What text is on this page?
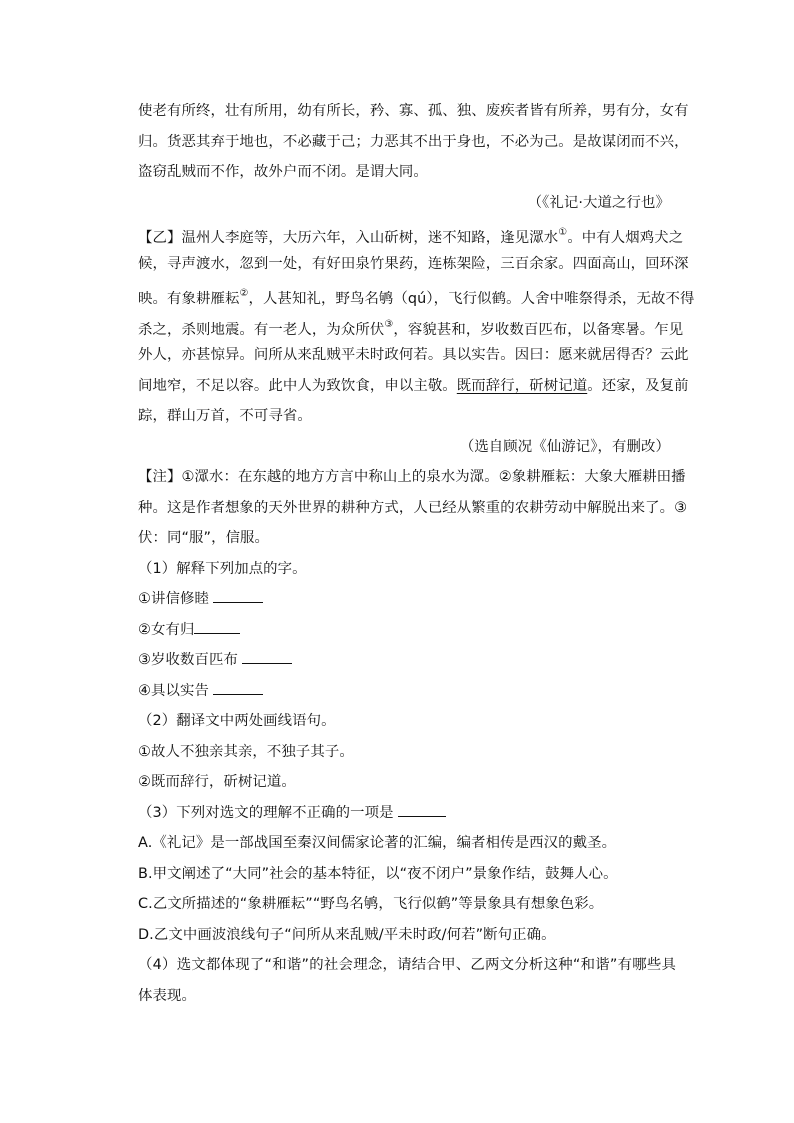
使老有所终，壮有所用，幼有所长，矜、寡、孤、独、废疾者皆有所养，男有分，女有
归。货恶其弃于地也，不必藏于己；力恶其不出于身也，不必为己。是故谋闭而不兴，
盗窃乱贼而不作，故外户而不闭。是谓大同。
（《礼记·大道之行也》
【乙】温州人李庭等，大历六年，入山斫树，迷不知路，逢见潀水①。中有人烟鸡犬之
候，寻声渡水，忽到一处，有好田泉竹果药，连栋架险，三百余家。四面高山，回环深
映。有象耕雁耘②，人甚知礼，野鸟名鸲（qú），飞行似鹤。人舍中唯祭得杀，无故不得
杀之，杀则地震。有一老人，为众所伏③，容貌甚和，岁收数百匹布，以备寒暑。乍见
外人，亦甚惊异。问所从来乱贼平未时政何若。具以实告。因曰：愿来就居得否？云此
间地窄，不足以容。此中人为致饮食，申以主敬。既而辞行，斫树记道。还家，及复前
踪，群山万首，不可寻省。
（选自顾况《仙游记》，有删改）
【注】①潀水：在东越的地方方言中称山上的泉水为潀。②象耕雁耘：大象大雁耕田播
种。这是作者想象的天外世界的耕种方式，人已经从繁重的农耕劳动中解脱出来了。③
伏：同“服”，信服。
（1）解释下列加点的字。
①讲信修睦
②女有归
③岁收数百匹布
④具以实告
（2）翻译文中两处画线语句。
①故人不独亲其亲，不独子其子。
②既而辞行，斫树记道。
（3）下列对选文的理解不正确的一项是
A.《礼记》是一部战国至秦汉间儒家论著的汇编，编者相传是西汉的戴圣。
B.甲文阐述了“大同”社会的基本特征，以“夜不闭户”景象作结，鼓舞人心。
C.乙文所描述的“象耕雁耘”“野鸟名鸲，飞行似鹤”等景象具有想象色彩。
D.乙文中画波浪线句子“问所从来乱贼/平未时政/何若”断句正确。
（4）选文都体现了“和谐”的社会理念，请结合甲、乙两文分析这种“和谐”有哪些具
体表现。
